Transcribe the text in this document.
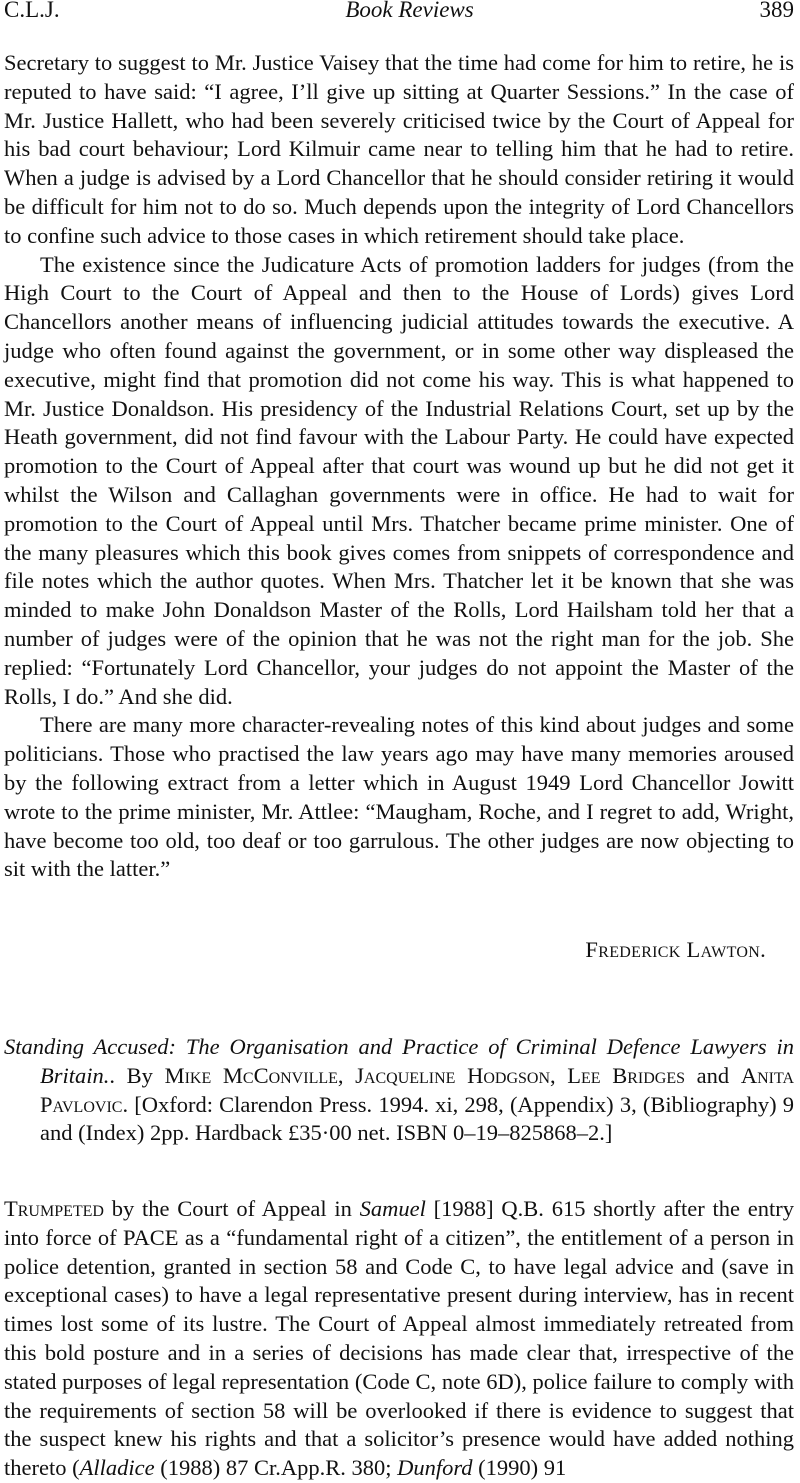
C.L.J.	Book Reviews	389

Secretary to suggest to Mr. Justice Vaisey that the time had come for him to retire, he is reputed to have said: “I agree, I’ll give up sitting at Quarter Sessions.” In the case of Mr. Justice Hallett, who had been severely criticised twice by the Court of Appeal for his bad court behaviour; Lord Kilmuir came near to telling him that he had to retire. When a judge is advised by a Lord Chancellor that he should consider retiring it would be difficult for him not to do so. Much depends upon the integrity of Lord Chancellors to confine such advice to those cases in which retirement should take place.

The existence since the Judicature Acts of promotion ladders for judges (from the High Court to the Court of Appeal and then to the House of Lords) gives Lord Chancellors another means of influencing judicial attitudes towards the executive. A judge who often found against the government, or in some other way displeased the executive, might find that promotion did not come his way. This is what happened to Mr. Justice Donaldson. His presidency of the Industrial Relations Court, set up by the Heath government, did not find favour with the Labour Party. He could have expected promotion to the Court of Appeal after that court was wound up but he did not get it whilst the Wilson and Callaghan governments were in office. He had to wait for promotion to the Court of Appeal until Mrs. Thatcher became prime minister. One of the many pleasures which this book gives comes from snippets of correspondence and file notes which the author quotes. When Mrs. Thatcher let it be known that she was minded to make John Donaldson Master of the Rolls, Lord Hailsham told her that a number of judges were of the opinion that he was not the right man for the job. She replied: “Fortunately Lord Chancellor, your judges do not appoint the Master of the Rolls, I do.” And she did.

There are many more character-revealing notes of this kind about judges and some politicians. Those who practised the law years ago may have many memories aroused by the following extract from a letter which in August 1949 Lord Chancellor Jowitt wrote to the prime minister, Mr. Attlee: “Maugham, Roche, and I regret to add, Wright, have become too old, too deaf or too garrulous. The other judges are now objecting to sit with the latter.”

Frederick Lawton.

Standing Accused: The Organisation and Practice of Criminal Defence Lawyers in Britain.. By Mike McConville, Jacqueline Hodgson, Lee Bridges and Anita Pavlovic. [Oxford: Clarendon Press. 1994. xi, 298, (Appendix) 3, (Bibliography) 9 and (Index) 2pp. Hardback £35·00 net. ISBN 0–19–825868–2.]

Trumpeted by the Court of Appeal in Samuel [1988] Q.B. 615 shortly after the entry into force of PACE as a “fundamental right of a citizen”, the entitlement of a person in police detention, granted in section 58 and Code C, to have legal advice and (save in exceptional cases) to have a legal representative present during interview, has in recent times lost some of its lustre. The Court of Appeal almost immediately retreated from this bold posture and in a series of decisions has made clear that, irrespective of the stated purposes of legal representation (Code C, note 6D), police failure to comply with the requirements of section 58 will be overlooked if there is evidence to suggest that the suspect knew his rights and that a solicitor’s presence would have added nothing thereto (Alladice (1988) 87 Cr.App.R. 380; Dunford (1990) 91
